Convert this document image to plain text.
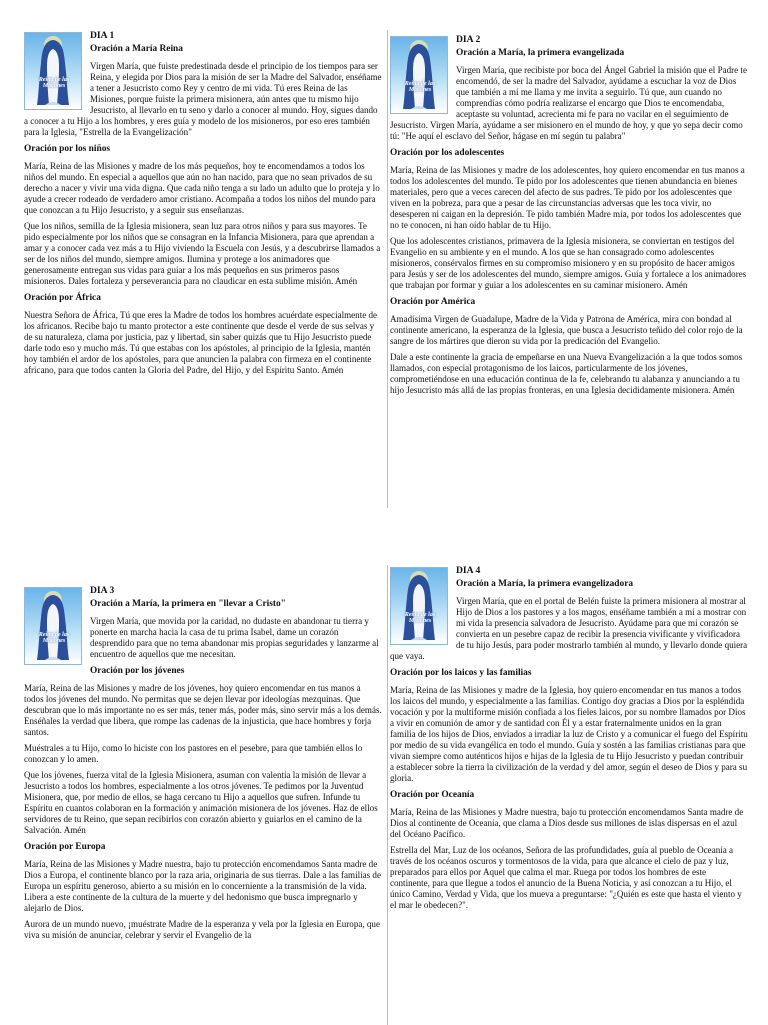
Reina de las Misiones
DIA 1
Oración a María Reina

Virgen María, que fuiste predestinada desde el principio de los tiempos para ser Reina, y elegida por Dios para la misión de ser la Madre del Salvador, enséñame a tener a Jesucristo como Rey y centro de mi vida. Tú eres Reina de las Misiones, porque fuiste la primera misionera, aún antes que tu mismo hijo Jesucristo, al llevarlo en tu seno y darlo a conocer al mundo. Hoy, sigues dando a conocer a tu Hijo a los hombres, y eres guía y modelo de los misioneros, por eso eres también para la Iglesia, "Estrella de la Evangelización"

Oración por los niños

María, Reina de las Misiones y madre de los más pequeños, hoy te encomendamos a todos los niños del mundo. En especial a aquellos que aún no han nacido, para que no sean privados de su derecho a nacer y vivir una vida digna. Que cada niño tenga a su lado un adulto que lo proteja y lo ayude a crecer rodeado de verdadero amor cristiano. Acompaña a todos los niños del mundo para que conozcan a tu Hijo Jesucristo, y a seguir sus enseñanzas.

Que los niños, semilla de la Iglesia misionera, sean luz para otros niños y para sus mayores. Te pido especialmente por los niños que se consagran en la Infancia Misionera, para que aprendan a amar y a conocer cada vez más a tu Hijo viviendo la Escuela con Jesús, y a descubrirse llamados a ser de los niños del mundo, siempre amigos. Ilumina y protege a los animadores que generosamente entregan sus vidas para guiar a los más pequeños en sus primeros pasos misioneros. Dales fortaleza y perseverancia para no claudicar en esta sublime misión. Amén

Oración por África

Nuestra Señora de África, Tú que eres la Madre de todos los hombres acuérdate especialmente de los africanos. Recibe bajo tu manto protector a este continente que desde el verde de sus selvas y de su naturaleza, clama por justicia, paz y libertad, sin saber quizás que tu Hijo Jesucristo puede darle todo eso y mucho más. Tú que estabas con los apóstoles, al principio de la Iglesia, mantén hoy también el ardor de los apóstoles, para que anuncien la palabra con firmeza en el continente africano, para que todos canten la Gloria del Padre, del Hijo, y del Espíritu Santo. Amén

Reina de las Misiones
DIA 2
Oración a María, la primera evangelizada

Virgen María, que recibiste por boca del Ángel Gabriel la misión que el Padre te encomendó, de ser la madre del Salvador, ayúdame a escuchar la voz de Dios que también a mí me llama y me invita a seguirlo. Tú que, aun cuando no comprendías cómo podría realizarse el encargo que Dios te encomendaba, aceptaste su voluntad, acrecienta mi fe para no vacilar en el seguimiento de Jesucristo. Virgen María, ayúdame a ser misionero en el mundo de hoy, y que yo sepa decir como tú: "He aquí el esclavo del Señor, hágase en mí según tu palabra"

Oración por los adolescentes

María, Reina de las Misiones y madre de los adolescentes, hoy quiero encomendar en tus manos a todos los adolescentes del mundo. Te pido por los adolescentes que tienen abundancia en bienes materiales, pero que a veces carecen del afecto de sus padres. Te pido por los adolescentes que viven en la pobreza, para que a pesar de las circunstancias adversas que les toca vivir, no desesperen ni caigan en la depresión. Te pido también Madre mía, por todos los adolescentes que no te conocen, ni han oído hablar de tu Hijo.

Que los adolescentes cristianos, primavera de la Iglesia misionera, se conviertan en testigos del Evangelio en su ambiente y en el mundo. A los que se han consagrado como adolescentes misioneros, consérvalos firmes en su compromiso misionero y en su propósito de hacer amigos para Jesús y ser de los adolescentes del mundo, siempre amigos. Guía y fortalece a los animadores que trabajan por formar y guiar a los adolescentes en su caminar misionero. Amén

Oración por América

Amadísima Virgen de Guadalupe, Madre de la Vida y Patrona de América, mira con bondad al continente americano, la esperanza de la Iglesia, que busca a Jesucristo teñido del color rojo de la sangre de los mártires que dieron su vida por la predicación del Evangelio.

Dale a este continente la gracia de empeñarse en una Nueva Evangelización a la que todos somos llamados, con especial protagonismo de los laicos, particularmente de los jóvenes, comprometiéndose en una educación continua de la fe, celebrando tu alabanza y anunciando a tu hijo Jesucristo más allá de las propias fronteras, en una Iglesia decididamente misionera. Amén

Reina de las Misiones
DIA 3
Oración a María, la primera en "llevar a Cristo"

Virgen María, que movida por la caridad, no dudaste en abandonar tu tierra y ponerte en marcha hacia la casa de tu prima Isabel, dame un corazón desprendido para que no tema abandonar mis propias seguridades y lanzarme al encuentro de aquellos que me necesitan.

Oración por los jóvenes

María, Reina de las Misiones y madre de los jóvenes, hoy quiero encomendar en tus manos a todos los jóvenes del mundo. No permitas que se dejen llevar por ideologías mezquinas. Que descubran que lo más importante no es ser más, tener más, poder más, sino servir más a los demás. Enséñales la verdad que libera, que rompe las cadenas de la injusticia, que hace hombres y forja santos.

Muéstrales a tu Hijo, como lo hiciste con los pastores en el pesebre, para que también ellos lo conozcan y lo amen.

Que los jóvenes, fuerza vital de la Iglesia Misionera, asuman con valentía la misión de llevar a Jesucristo a todos los hombres, especialmente a los otros jóvenes. Te pedimos por la Juventud Misionera, que, por medio de ellos, se haga cercano tu Hijo a aquellos que sufren. Infunde tu Espíritu en cuantos colaboran en la formación y animación misionera de los jóvenes. Haz de ellos servidores de tu Reino, que sepan recibirlos con corazón abierto y guiarlos en el camino de la Salvación. Amén

Oración por Europa

María, Reina de las Misiones y Madre nuestra, bajo tu protección encomendamos Santa madre de Dios a Europa, el continente blanco por la raza aria, originaria de sus tierras. Dale a las familias de Europa un espíritu generoso, abierto a su misión en lo concerniente a la transmisión de la vida. Libera a este continente de la cultura de la muerte y del hedonismo que busca impregnarlo y alejarlo de Dios.

Aurora de un mundo nuevo, ¡muéstrate Madre de la esperanza y vela por la Iglesia en Europa, que viva su misión de anunciar, celebrar y servir el Evangelio de la

Reina de las Misiones
DIA 4
Oración a María, la primera evangelizadora

Virgen María, que en el portal de Belén fuiste la primera misionera al mostrar al Hijo de Dios a los pastores y a los magos, enséñame también a mí a mostrar con mi vida la presencia salvadora de Jesucristo. Ayúdame para que mi corazón se convierta en un pesebre capaz de recibir la presencia vivificante y vivificadora de tu hijo Jesús, para poder mostrarlo también al mundo, y llevarlo donde quiera que vaya.

Oración por los laicos y las familias

María, Reina de las Misiones y madre de la Iglesia, hoy quiero encomendar en tus manos a todos los laicos del mundo, y especialmente a las familias. Contigo doy gracias a Dios por la espléndida vocación y por la multiforme misión confiada a los fieles laicos, por su nombre llamados por Dios a vivir en comunión de amor y de santidad con Él y a estar fraternalmente unidos en la gran familia de los hijos de Dios, enviados a irradiar la luz de Cristo y a comunicar el fuego del Espíritu por medio de su vida evangélica en todo el mundo. Guía y sostén a las familias cristianas para que vivan siempre como auténticos hijos e hijas de la Iglesia de tu Hijo Jesucristo y puedan contribuir a establecer sobre la tierra la civilización de la verdad y del amor, según el deseo de Dios y para su gloria.

Oración por Oceanía

María, Reina de las Misiones y Madre nuestra, bajo tu protección encomendamos Santa madre de Dios al continente de Oceanía, que clama a Dios desde sus millones de islas dispersas en el azul del Océano Pacífico.

Estrella del Mar, Luz de los océanos, Señora de las profundidades, guía al pueblo de Oceanía a través de los océanos oscuros y tormentosos de la vida, para que alcance el cielo de paz y luz, preparados para ellos por Aquel que calma el mar. Ruega por todos los hombres de este continente, para que llegue a todos el anuncio de la Buena Noticia, y así conozcan a tu Hijo, el único Camino, Verdad y Vida, que los mueva a preguntarse: "¿Quién es este que hasta el viento y el mar le obedecen?".
